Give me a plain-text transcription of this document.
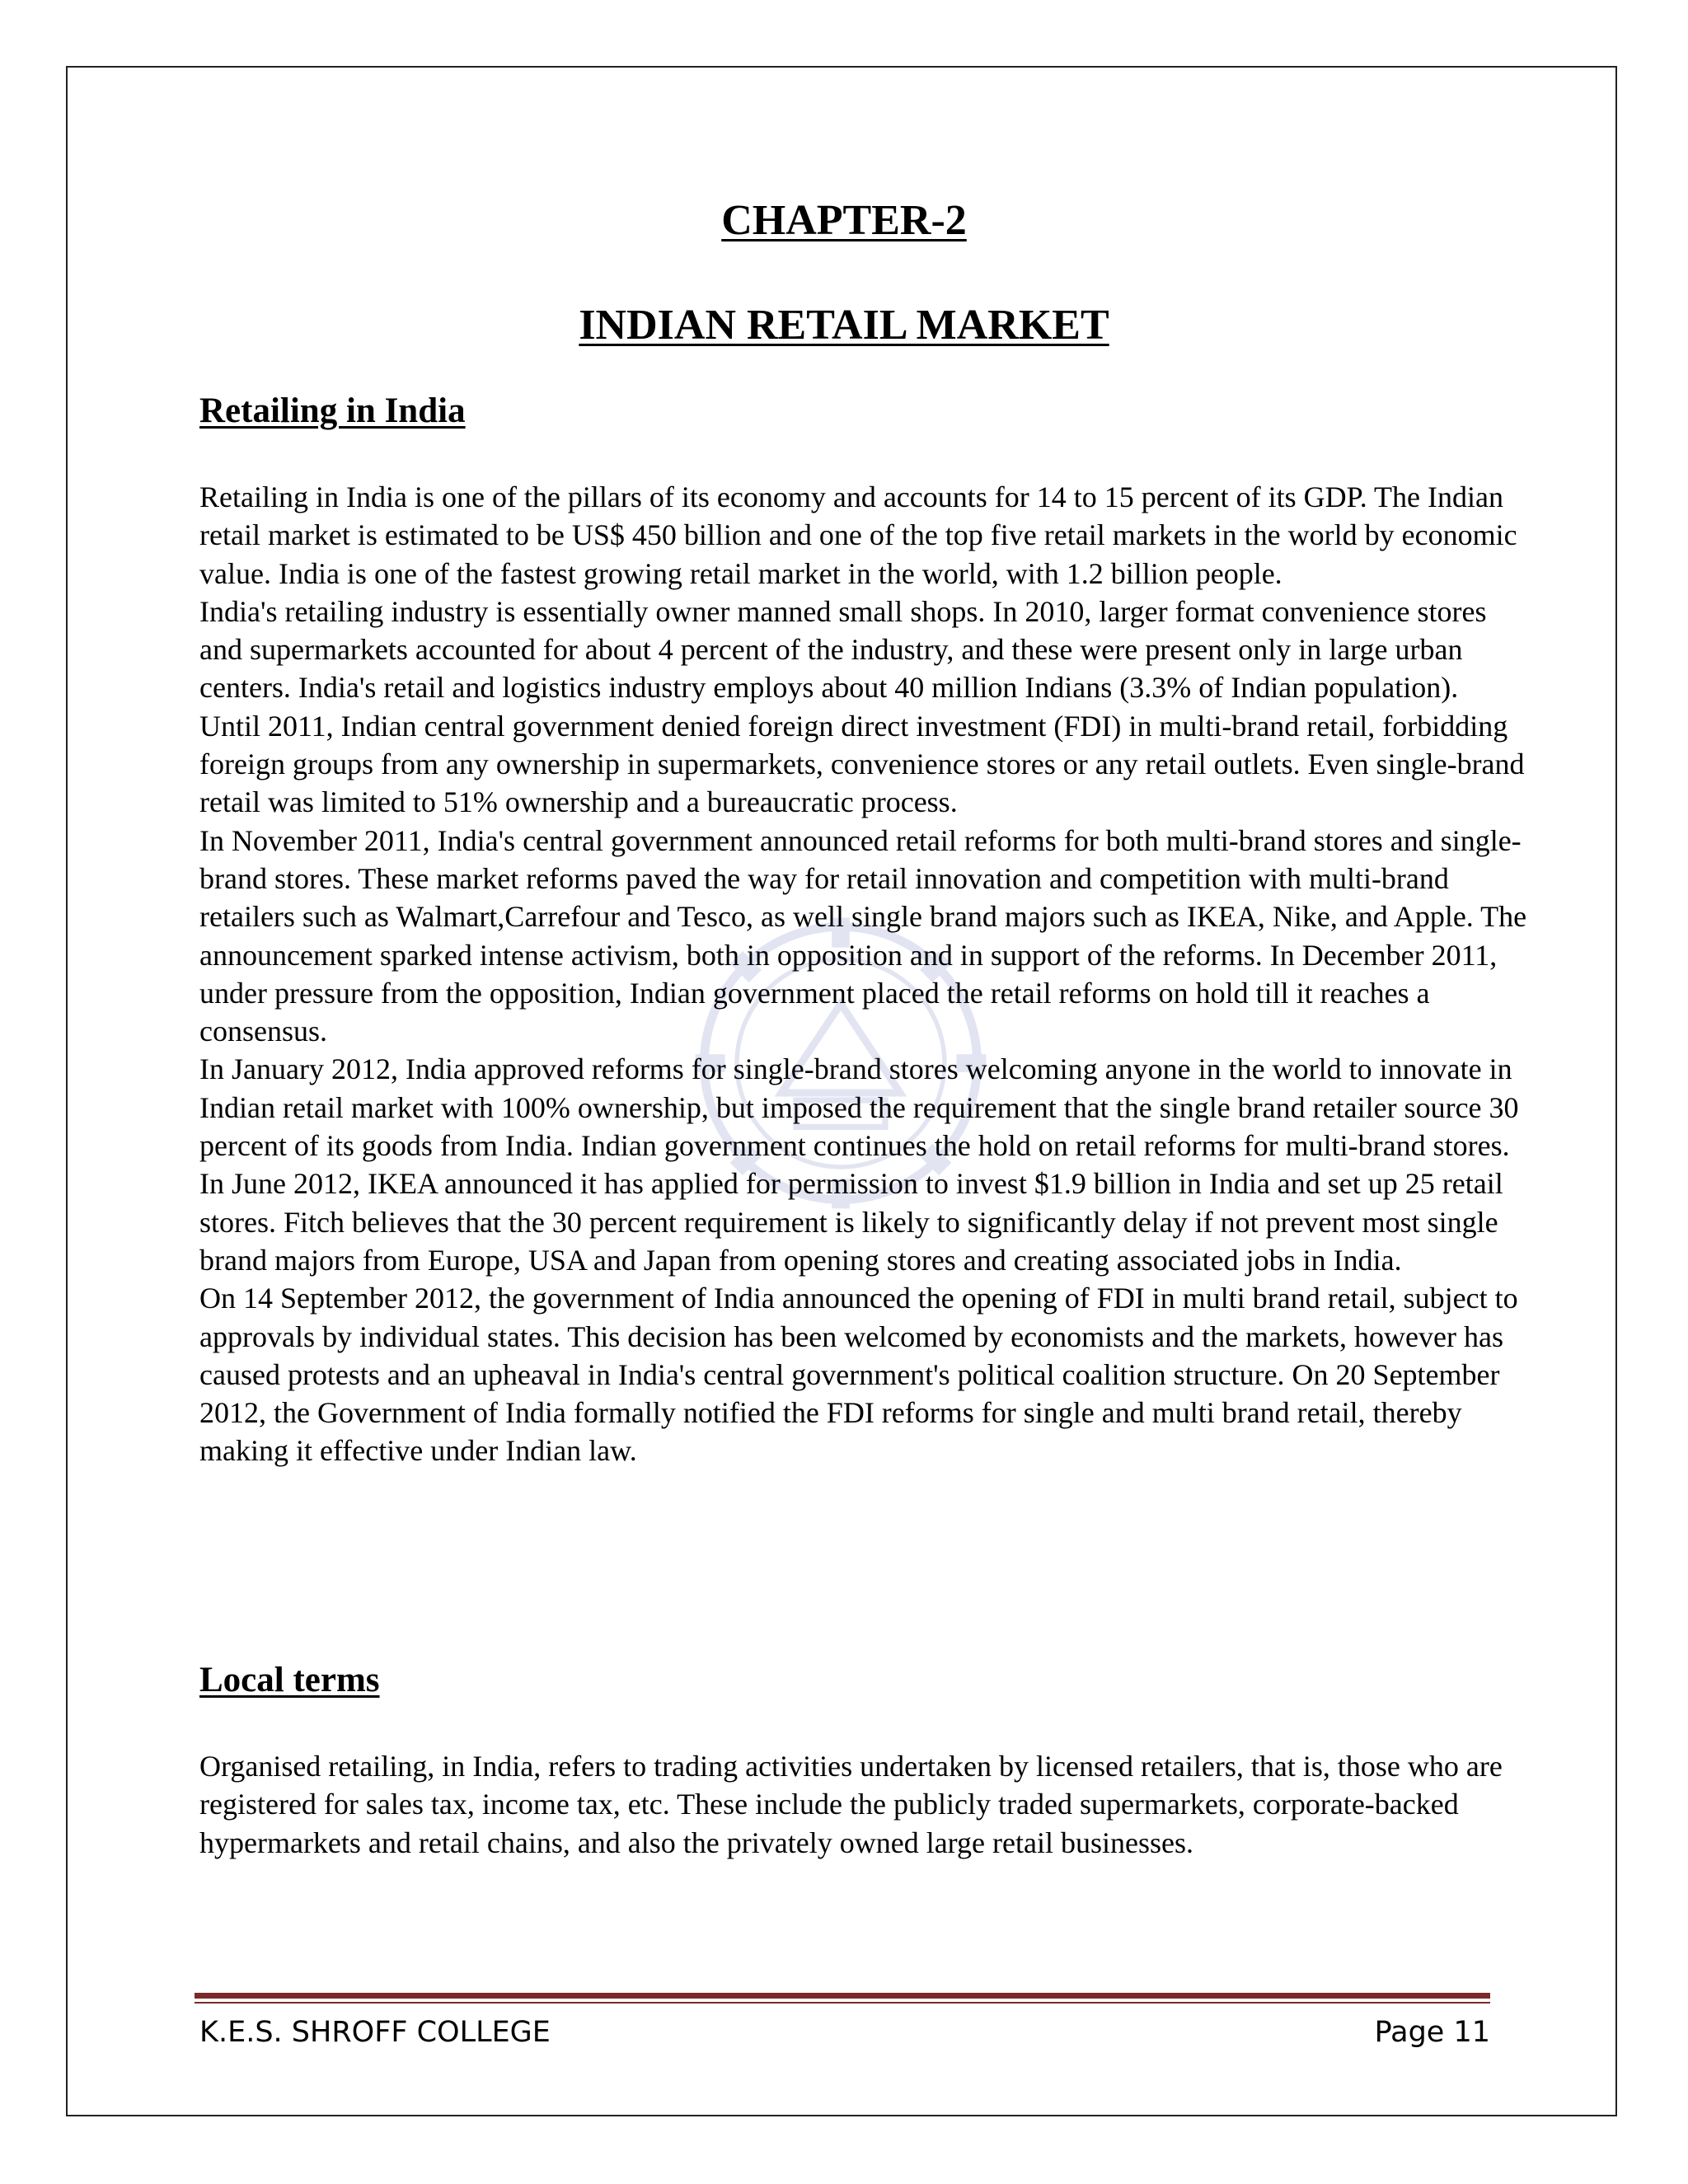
CHAPTER-2
INDIAN RETAIL MARKET
Retailing in India

Retailing in India is one of the pillars of its economy and accounts for 14 to 15 percent of its GDP. The Indian retail market is estimated to be US$ 450 billion and one of the top five retail markets in the world by economic value. India is one of the fastest growing retail market in the world, with 1.2 billion people.

India's retailing industry is essentially owner manned small shops. In 2010, larger format convenience stores and supermarkets accounted for about 4 percent of the industry, and these were present only in large urban centers. India's retail and logistics industry employs about 40 million Indians (3.3% of Indian population).

Until 2011, Indian central government denied foreign direct investment (FDI) in multi-brand retail, forbidding foreign groups from any ownership in supermarkets, convenience stores or any retail outlets. Even single-brand retail was limited to 51% ownership and a bureaucratic process.

In November 2011, India's central government announced retail reforms for both multi-brand stores and single-brand stores. These market reforms paved the way for retail innovation and competition with multi-brand retailers such as Walmart,Carrefour and Tesco, as well single brand majors such as IKEA, Nike, and Apple. The announcement sparked intense activism, both in opposition and in support of the reforms. In December 2011, under pressure from the opposition, Indian government placed the retail reforms on hold till it reaches a consensus.

In January 2012, India approved reforms for single-brand stores welcoming anyone in the world to innovate in Indian retail market with 100% ownership, but imposed the requirement that the single brand retailer source 30 percent of its goods from India. Indian government continues the hold on retail reforms for multi-brand stores.

In June 2012, IKEA announced it has applied for permission to invest $1.9 billion in India and set up 25 retail stores. Fitch believes that the 30 percent requirement is likely to significantly delay if not prevent most single brand majors from Europe, USA and Japan from opening stores and creating associated jobs in India.

On 14 September 2012, the government of India announced the opening of FDI in multi brand retail, subject to approvals by individual states. This decision has been welcomed by economists and the markets, however has caused protests and an upheaval in India's central government's political coalition structure. On 20 September 2012, the Government of India formally notified the FDI reforms for single and multi brand retail, thereby making it effective under Indian law.

Local terms

Organised retailing, in India, refers to trading activities undertaken by licensed retailers, that is, those who are registered for sales tax, income tax, etc. These include the publicly traded supermarkets, corporate-backed hypermarkets and retail chains, and also the privately owned large retail businesses.

K.E.S. SHROFF COLLEGE	Page 11
